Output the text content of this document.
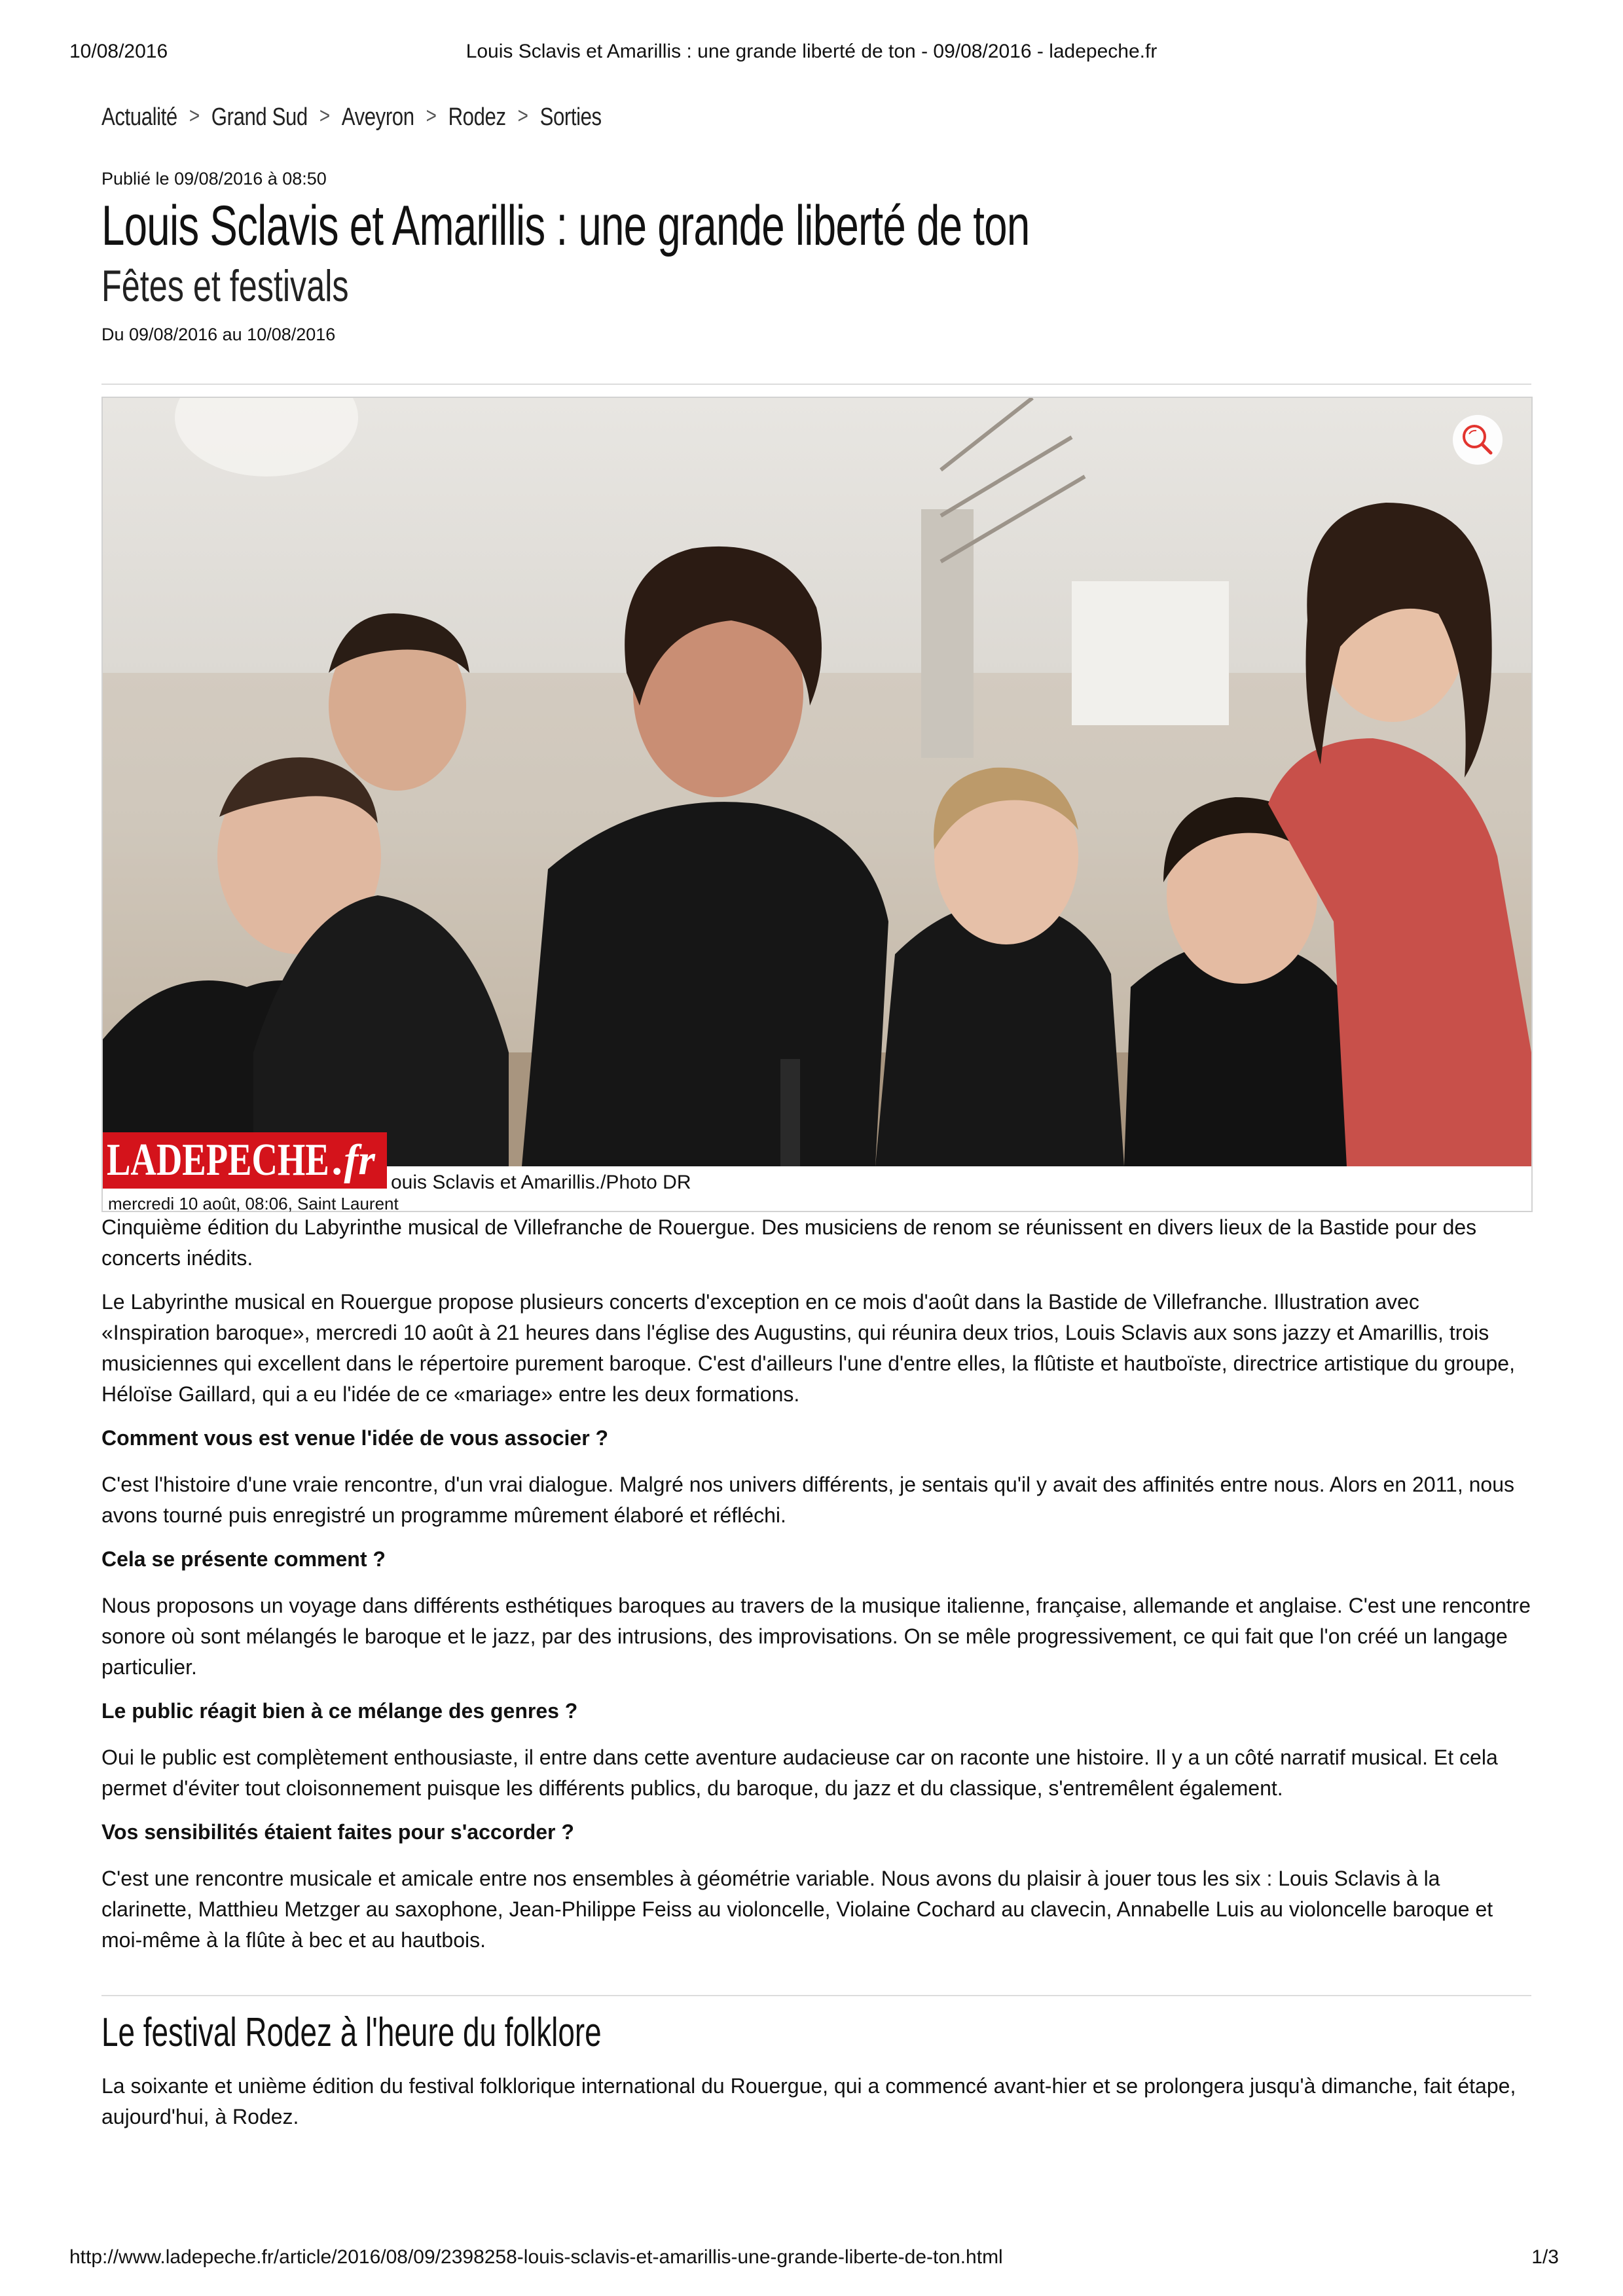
10/08/2016	Louis Sclavis et Amarillis : une grande liberté de ton - 09/08/2016 - ladepeche.fr
Actualité > Grand Sud > Aveyron > Rodez > Sorties
Publié le 09/08/2016 à 08:50
Louis Sclavis et Amarillis : une grande liberté de ton
Fêtes et festivals
Du 09/08/2016 au 10/08/2016
LADEPECHE .fr ouis Sclavis et Amarillis./Photo DR
mercredi 10 août, 08:06, Saint Laurent

Cinquième édition du Labyrinthe musical de Villefranche de Rouergue. Des musiciens de renom se réunissent en divers lieux de la Bastide pour des concerts inédits.

Le Labyrinthe musical en Rouergue propose plusieurs concerts d'exception en ce mois d'août dans la Bastide de Villefranche. Illustration avec «Inspiration baroque», mercredi 10 août à 21 heures dans l'église des Augustins, qui réunira deux trios, Louis Sclavis aux sons jazzy et Amarillis, trois musiciennes qui excellent dans le répertoire purement baroque. C'est d'ailleurs l'une d'entre elles, la flûtiste et hautboïste, directrice artistique du groupe, Héloïse Gaillard, qui a eu l'idée de ce «mariage» entre les deux formations.

Comment vous est venue l'idée de vous associer ?

C'est l'histoire d'une vraie rencontre, d'un vrai dialogue. Malgré nos univers différents, je sentais qu'il y avait des affinités entre nous. Alors en 2011, nous avons tourné puis enregistré un programme mûrement élaboré et réfléchi.

Cela se présente comment ?

Nous proposons un voyage dans différents esthétiques baroques au travers de la musique italienne, française, allemande et anglaise. C'est une rencontre sonore où sont mélangés le baroque et le jazz, par des intrusions, des improvisations. On se mêle progressivement, ce qui fait que l'on créé un langage particulier.

Le public réagit bien à ce mélange des genres ?

Oui le public est complètement enthousiaste, il entre dans cette aventure audacieuse car on raconte une histoire. Il y a un côté narratif musical. Et cela permet d'éviter tout cloisonnement puisque les différents publics, du baroque, du jazz et du classique, s'entremêlent également.

Vos sensibilités étaient faites pour s'accorder ?

C'est une rencontre musicale et amicale entre nos ensembles à géométrie variable. Nous avons du plaisir à jouer tous les six : Louis Sclavis à la clarinette, Matthieu Metzger au saxophone, Jean-Philippe Feiss au violoncelle, Violaine Cochard au clavecin, Annabelle Luis au violoncelle baroque et moi-même à la flûte à bec et au hautbois.

Le festival Rodez à l'heure du folklore
La soixante et unième édition du festival folklorique international du Rouergue, qui a commencé avant-hier et se prolongera jusqu'à dimanche, fait étape, aujourd'hui, à Rodez.
http://www.ladepeche.fr/article/2016/08/09/2398258-louis-sclavis-et-amarillis-une-grande-liberte-de-ton.html	1/3
